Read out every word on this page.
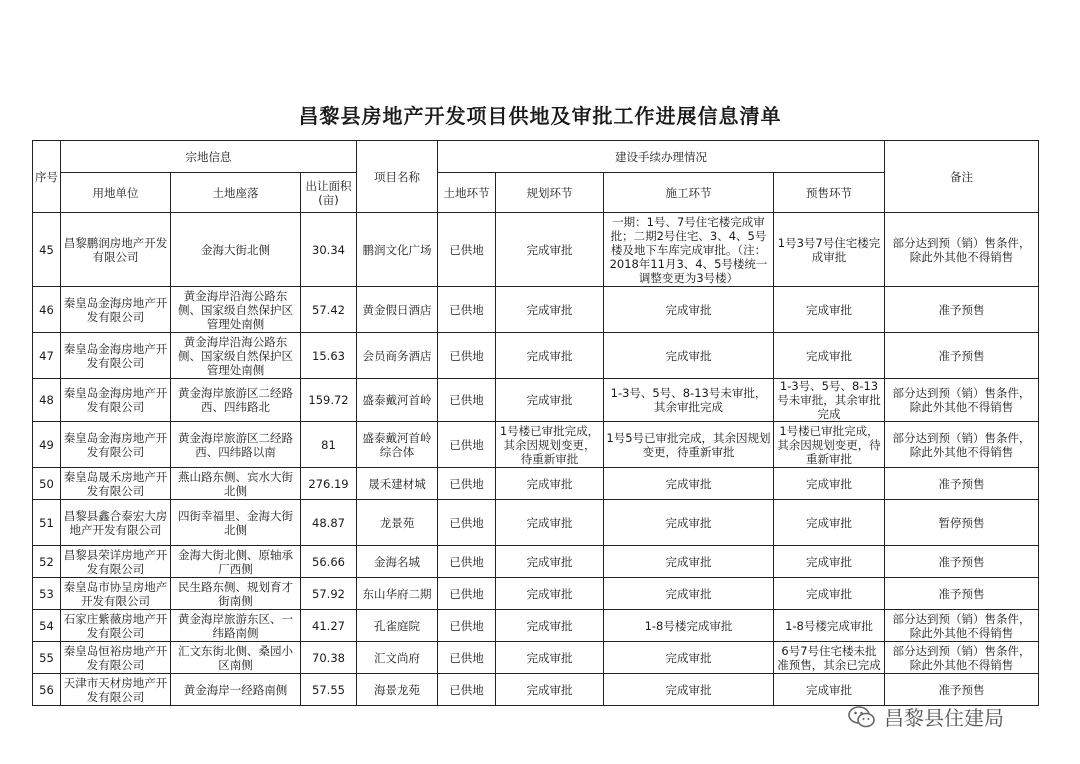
昌黎县房地产开发项目供地及审批工作进展信息清单
序号	宗地信息			项目名称	建设手续办理情况				备注
	用地单位	土地座落	出让面积(亩)		土地环节	规划环节	施工环节	预售环节	
45	昌黎鹏润房地产开发有限公司	金海大街北侧	30.34	鹏润文化广场	已供地	完成审批	一期：1号、7号住宅楼完成审批；二期2号住宅、3、4、5号楼及地下车库完成审批。（注：2018年11月3、4、5号楼统一调整变更为3号楼）	1号3号7号住宅楼完成审批	部分达到预（销）售条件，除此外其他不得销售
46	秦皇岛金海房地产开发有限公司	黄金海岸沿海公路东侧、国家级自然保护区管理处南侧	57.42	黄金假日酒店	已供地	完成审批	完成审批	完成审批	准予预售
47	秦皇岛金海房地产开发有限公司	黄金海岸沿海公路东侧、国家级自然保护区管理处南侧	15.63	会员商务酒店	已供地	完成审批	完成审批	完成审批	准予预售
48	秦皇岛金海房地产开发有限公司	黄金海岸旅游区二经路西、四纬路北	159.72	盛泰戴河首岭	已供地	完成审批	1-3号、5号、8-13号未审批，其余审批完成	1-3号、5号、8-13号未审批，其余审批完成	部分达到预（销）售条件，除此外其他不得销售
49	秦皇岛金海房地产开发有限公司	黄金海岸旅游区二经路西、四纬路以南	81	盛泰戴河首岭综合体	已供地	1号楼已审批完成，其余因规划变更，待重新审批	1号5号已审批完成，其余因规划变更，待重新审批	1号楼已审批完成，其余因规划变更，待重新审批	部分达到预（销）售条件，除此外其他不得销售
50	秦皇岛晟禾房地产开发有限公司	燕山路东侧、宾水大街北侧	276.19	晟禾建材城	已供地	完成审批	完成审批	完成审批	准予预售
51	昌黎县鑫合泰宏大房地产开发有限公司	四街幸福里、金海大街北侧	48.87	龙景苑	已供地	完成审批	完成审批	完成审批	暂停预售
52	昌黎县荣详房地产开发有限公司	金海大街北侧、原轴承厂西侧	56.66	金海名城	已供地	完成审批	完成审批	完成审批	准予预售
53	秦皇岛市协呈房地产开发有限公司	民生路东侧、规划育才街南侧	57.92	东山华府二期	已供地	完成审批	完成审批	完成审批	准予预售
54	石家庄紫薇房地产开发有限公司	黄金海岸旅游东区、一纬路南侧	41.27	孔雀庭院	已供地	完成审批	1-8号楼完成审批	1-8号楼完成审批	部分达到预（销）售条件，除此外其他不得销售
55	秦皇岛恒裕房地产开发有限公司	汇文东街北侧、桑园小区南侧	70.38	汇文尚府	已供地	完成审批	完成审批	6号7号住宅楼未批准预售，其余已完成	部分达到预（销）售条件，除此外其他不得销售
56	天津市天材房地产开发有限公司	黄金海岸一经路南侧	57.55	海景龙苑	已供地	完成审批	完成审批	完成审批	准予预售
昌黎县住建局
